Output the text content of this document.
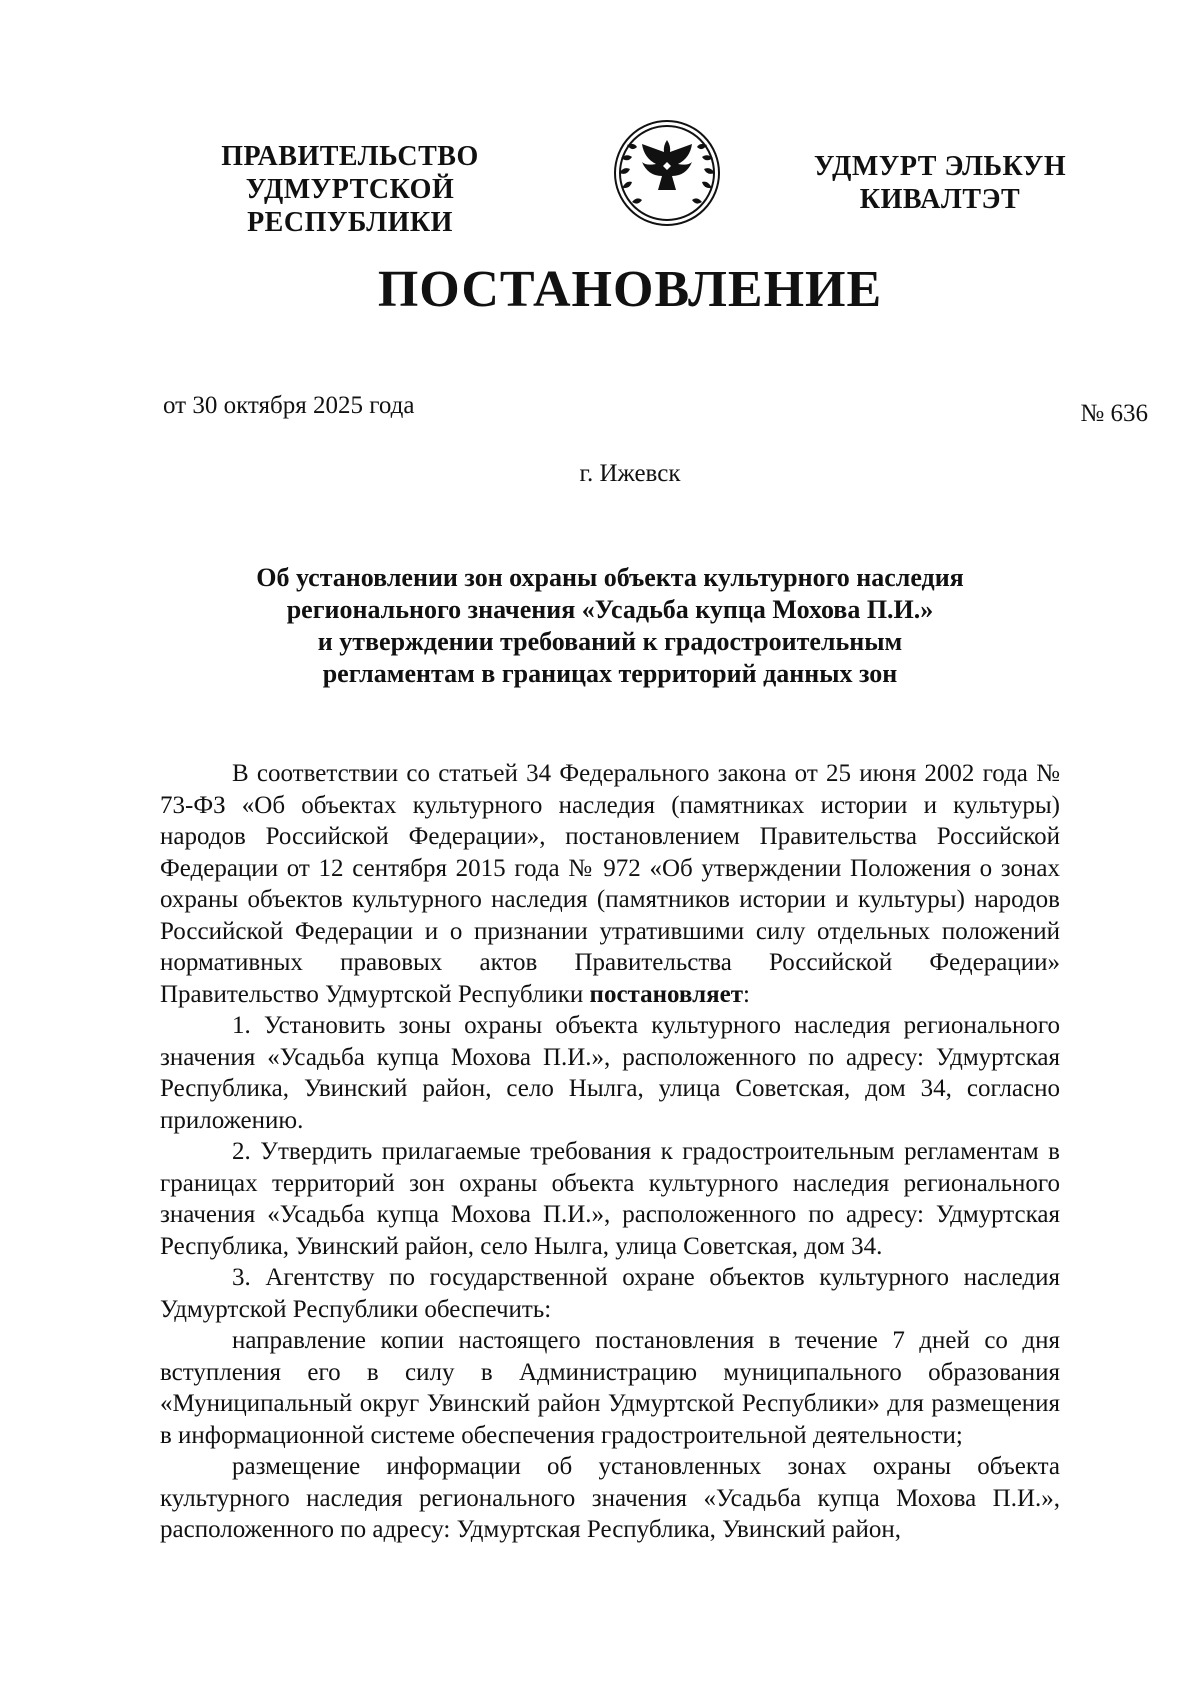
ПРАВИТЕЛЬСТВО
УДМУРТСКОЙ РЕСПУБЛИКИ
УДМУРТ ЭЛЬКУН
КИВАЛТЭТ
ПОСТАНОВЛЕНИЕ
от 30 октября 2025 года	№ 636
г. Ижевск
Об установлении зон охраны объекта культурного наследия
регионального значения «Усадьба купца Мохова П.И.»
и утверждении требований к градостроительным
регламентам в границах территорий данных зон

В соответствии со статьей 34 Федерального закона от 25 июня 2002 года № 73-ФЗ «Об объектах культурного наследия (памятниках истории и культуры) народов Российской Федерации», постановлением Правительства Российской Федерации от 12 сентября 2015 года № 972 «Об утверждении Положения о зонах охраны объектов культурного наследия (памятников истории и культуры) народов Российской Федерации и о признании утратившими силу отдельных положений нормативных правовых актов Правительства Российской Федерации» Правительство Удмуртской Республики постановляет:

1. Установить зоны охраны объекта культурного наследия регионального значения «Усадьба купца Мохова П.И.», расположенного по адресу: Удмуртская Республика, Увинский район, село Нылга, улица Советская, дом 34, согласно приложению.

2. Утвердить прилагаемые требования к градостроительным регламентам в границах территорий зон охраны объекта культурного наследия регионального значения «Усадьба купца Мохова П.И.», расположенного по адресу: Удмуртская Республика, Увинский район, село Нылга, улица Советская, дом 34.

3. Агентству по государственной охране объектов культурного наследия Удмуртской Республики обеспечить:

направление копии настоящего постановления в течение 7 дней со дня вступления его в силу в Администрацию муниципального образования «Муниципальный округ Увинский район Удмуртской Республики» для размещения в информационной системе обеспечения градостроительной деятельности;

размещение информации об установленных зонах охраны объекта культурного наследия регионального значения «Усадьба купца Мохова П.И.», расположенного по адресу: Удмуртская Республика, Увинский район,
